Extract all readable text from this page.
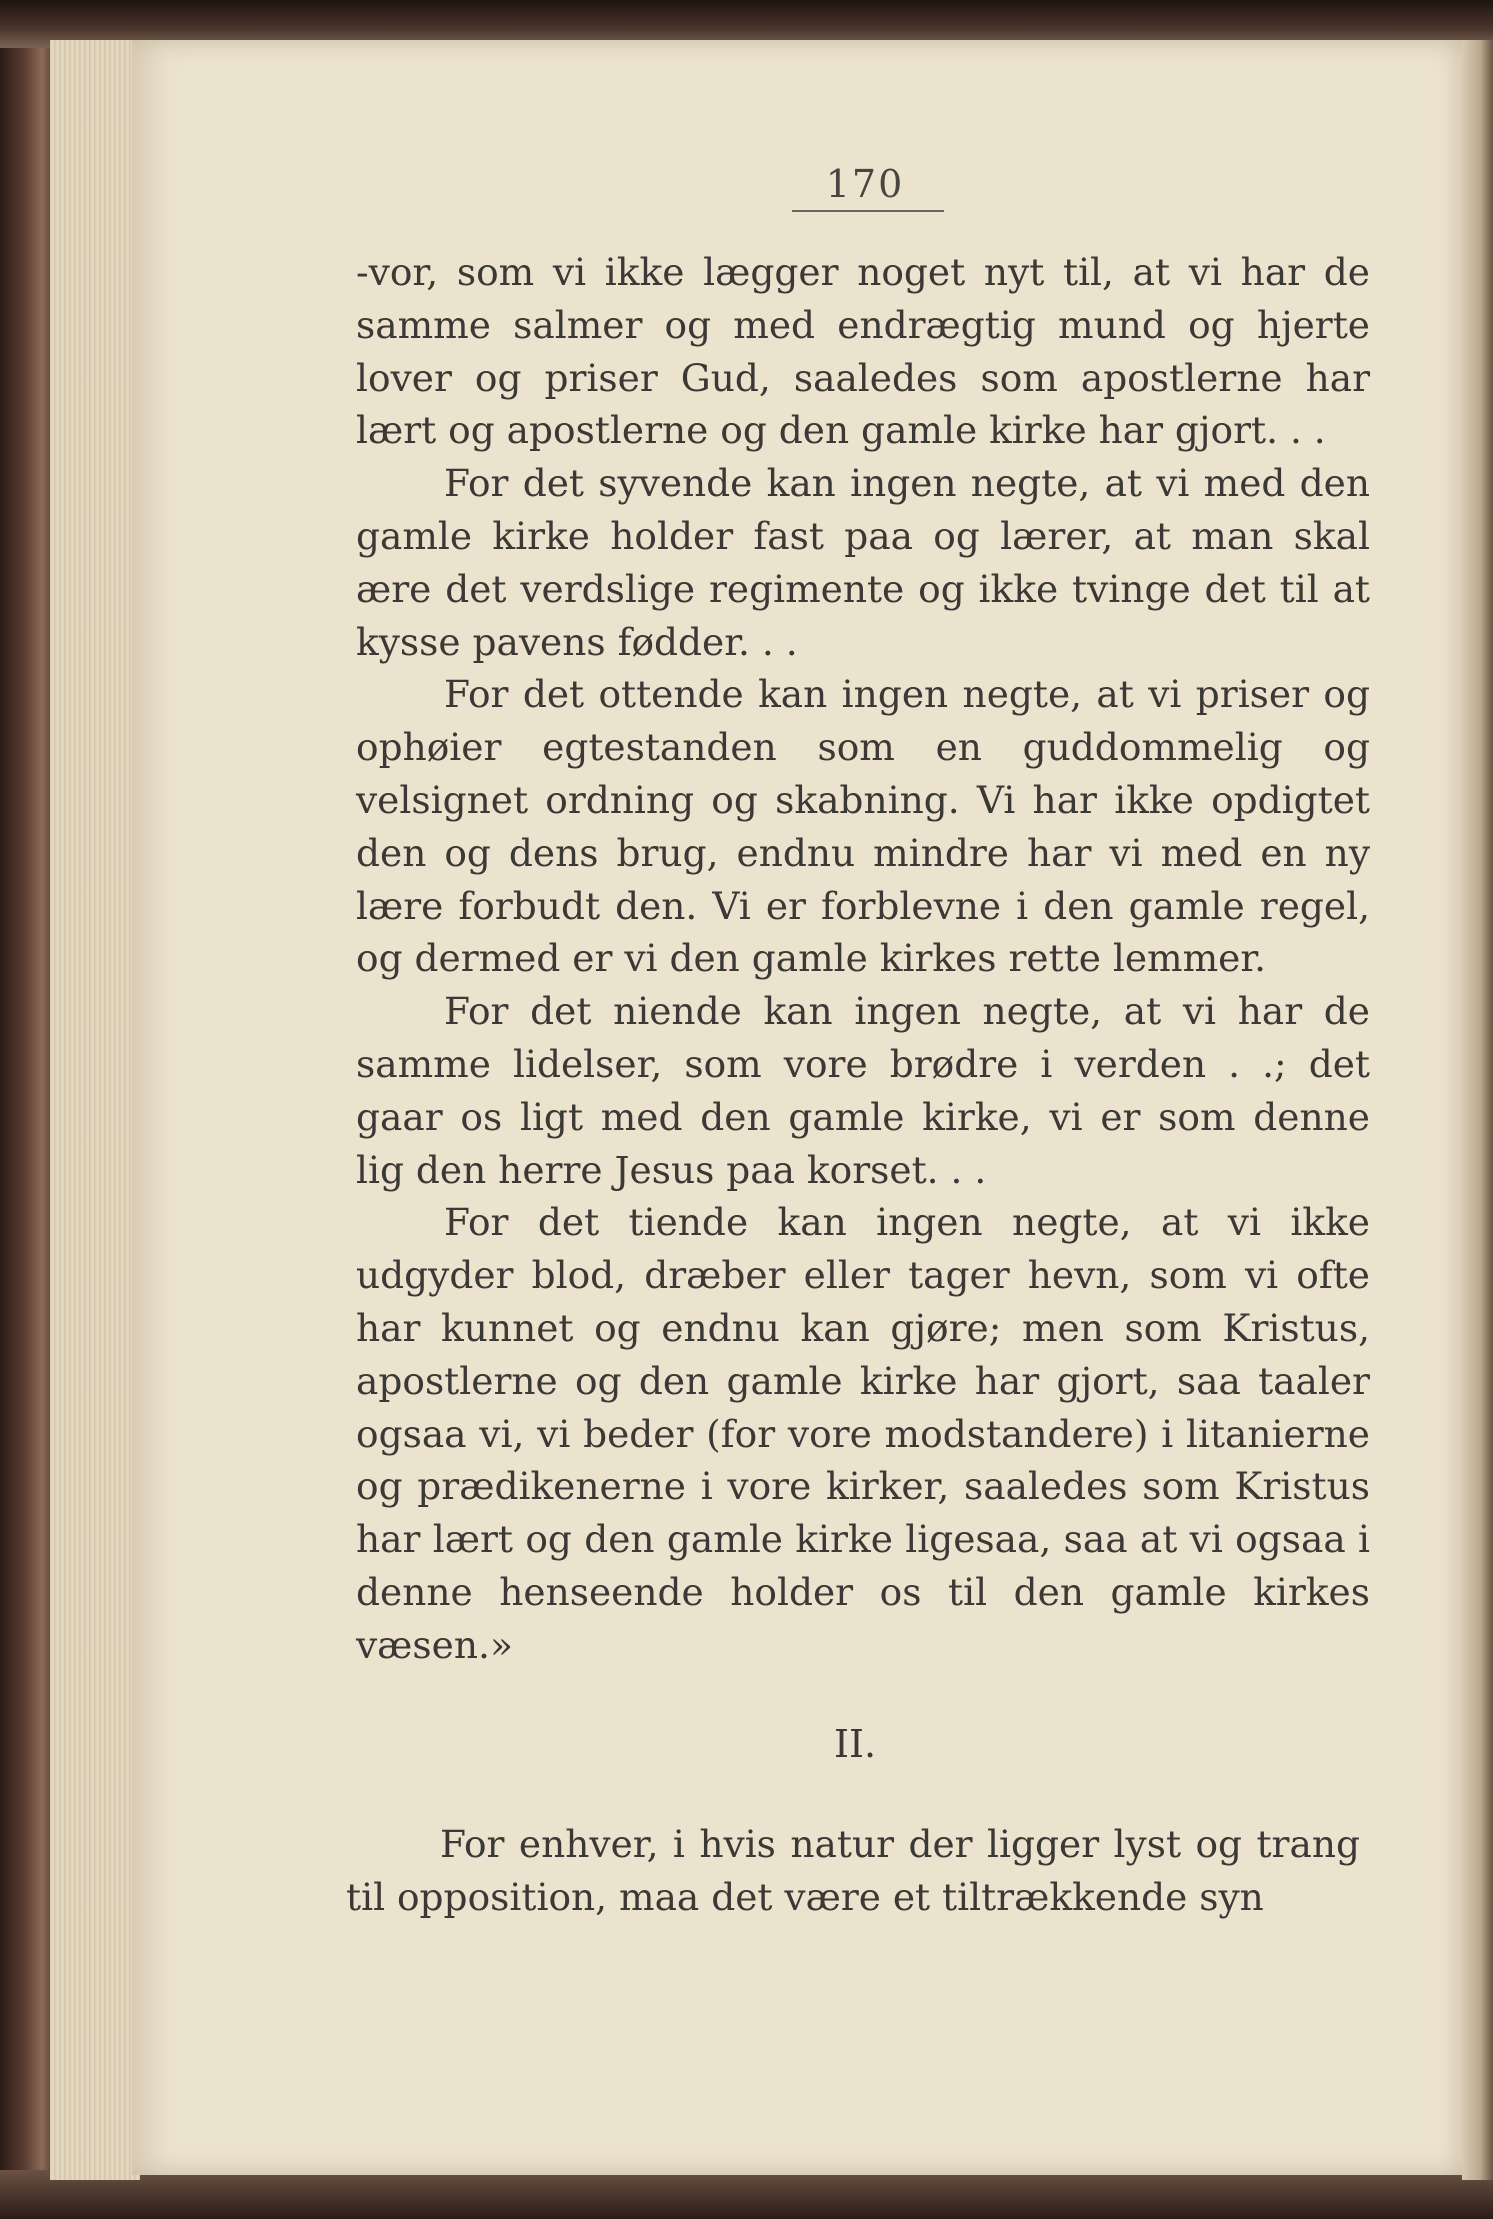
170

-vor, som vi ikke lægger noget nyt til, at vi har de samme salmer og med endrægtig mund og hjerte lover og priser Gud, saaledes som apostlerne har lært og apostlerne og den gamle kirke har gjort. . .

For det syvende kan ingen negte, at vi med den gamle kirke holder fast paa og lærer, at man skal ære det verdslige regimente og ikke tvinge det til at kysse pavens fødder. . .

For det ottende kan ingen negte, at vi priser og ophøier egtestanden som en guddommelig og velsignet ordning og skabning. Vi har ikke opdigtet den og dens brug, endnu mindre har vi med en ny lære forbudt den. Vi er forblevne i den gamle regel, og dermed er vi den gamle kirkes rette lemmer.

For det niende kan ingen negte, at vi har de samme lidelser, som vore brødre i verden . .; det gaar os ligt med den gamle kirke, vi er som denne lig den herre Jesus paa korset. . .

For det tiende kan ingen negte, at vi ikke udgyder blod, dræber eller tager hevn, som vi ofte har kunnet og endnu kan gjøre; men som Kristus, apostlerne og den gamle kirke har gjort, saa taaler ogsaa vi, vi beder (for vore modstandere) i litanierne og prædikenerne i vore kirker, saaledes som Kristus har lært og den gamle kirke ligesaa, saa at vi ogsaa i denne henseende holder os til den gamle kirkes væsen.»

II.
For enhver, i hvis natur der ligger lyst og trang til opposition, maa det være et tiltrækkende syn
